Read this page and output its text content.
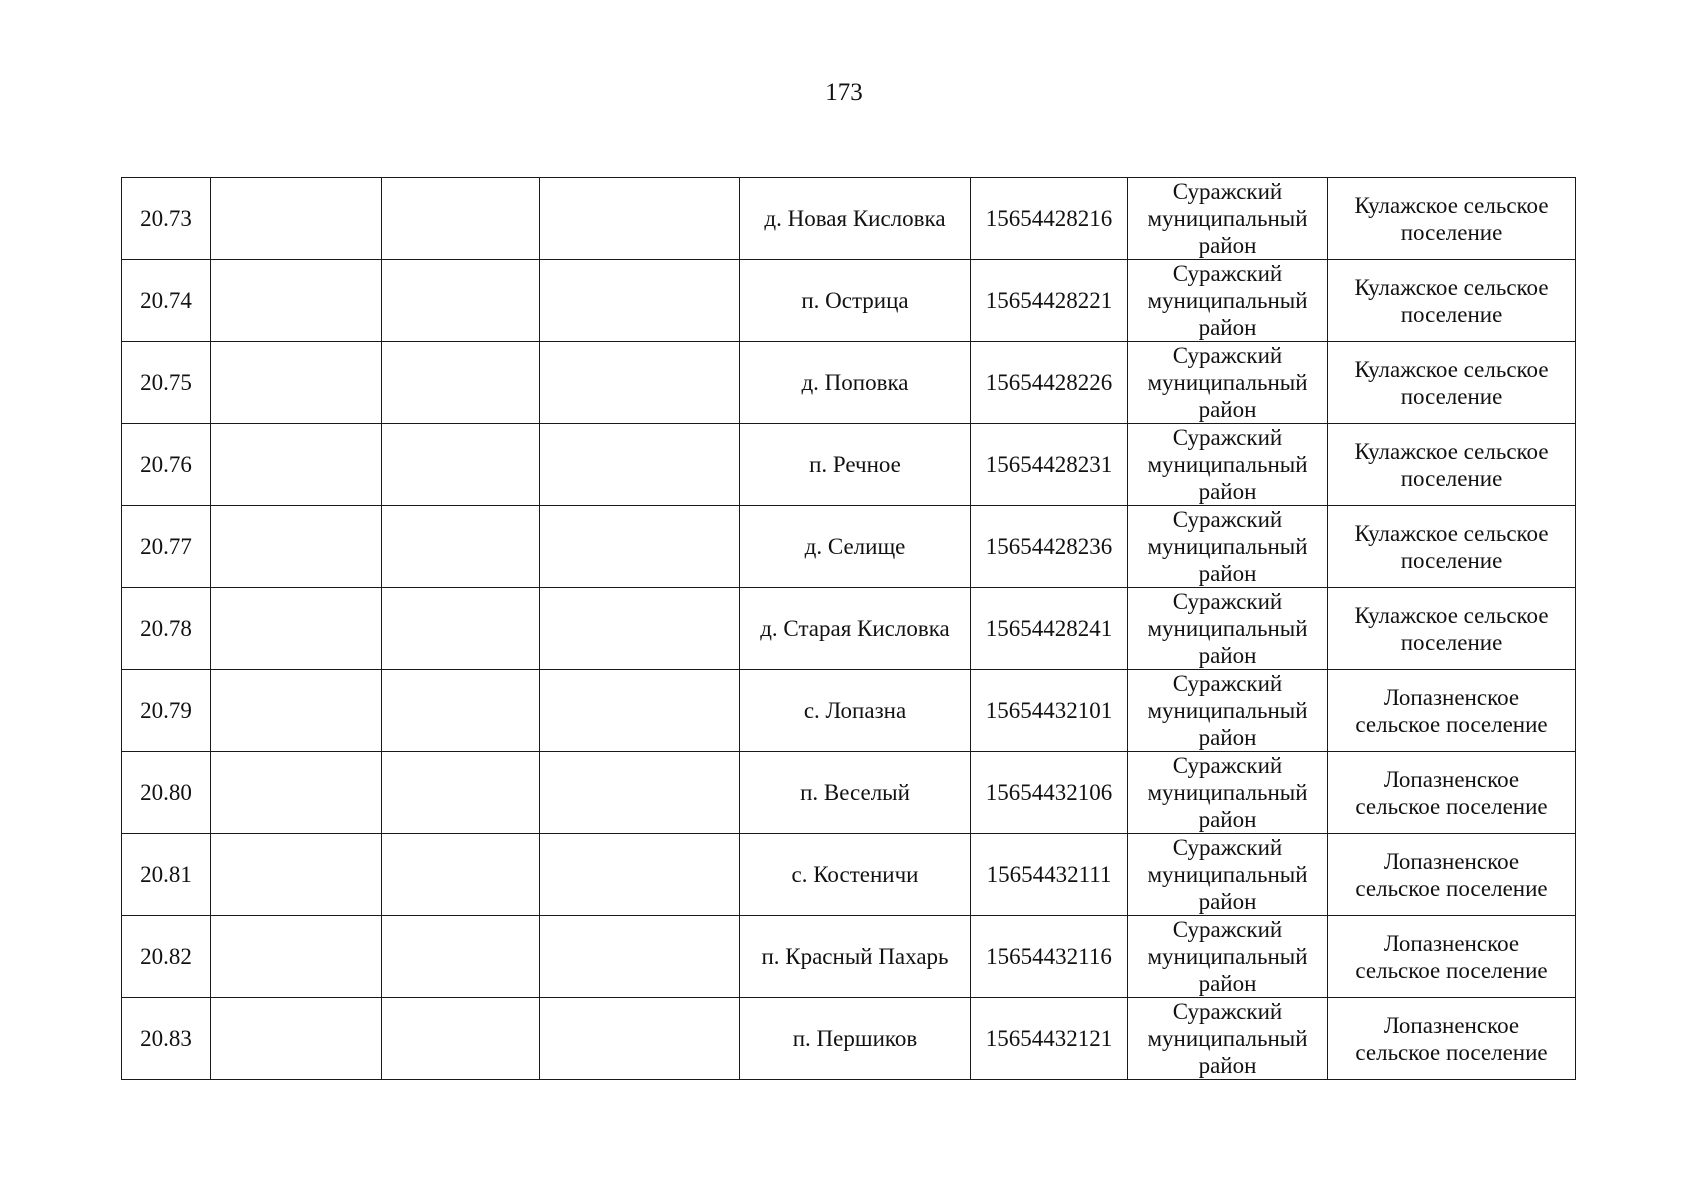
173
20.73				д. Новая Кисловка	15654428216	Суражский
муниципальный
район	Кулажское сельское
поселение

20.74				п. Острица	15654428221	Суражский
муниципальный
район	Кулажское сельское
поселение

20.75				д. Поповка	15654428226	Суражский
муниципальный
район	Кулажское сельское
поселение

20.76				п. Речное	15654428231	Суражский
муниципальный
район	Кулажское сельское
поселение

20.77				д. Селище	15654428236	Суражский
муниципальный
район	Кулажское сельское
поселение

20.78				д. Старая Кисловка	15654428241	Суражский
муниципальный
район	Кулажское сельское
поселение

20.79				с. Лопазна	15654432101	Суражский
муниципальный
район	Лопазненское
сельское поселение

20.80				п. Веселый	15654432106	Суражский
муниципальный
район	Лопазненское
сельское поселение

20.81				с. Костеничи	15654432111	Суражский
муниципальный
район	Лопазненское
сельское поселение

20.82				п. Красный Пахарь	15654432116	Суражский
муниципальный
район	Лопазненское
сельское поселение

20.83				п. Першиков	15654432121	Суражский
муниципальный
район	Лопазненское
сельское поселение
